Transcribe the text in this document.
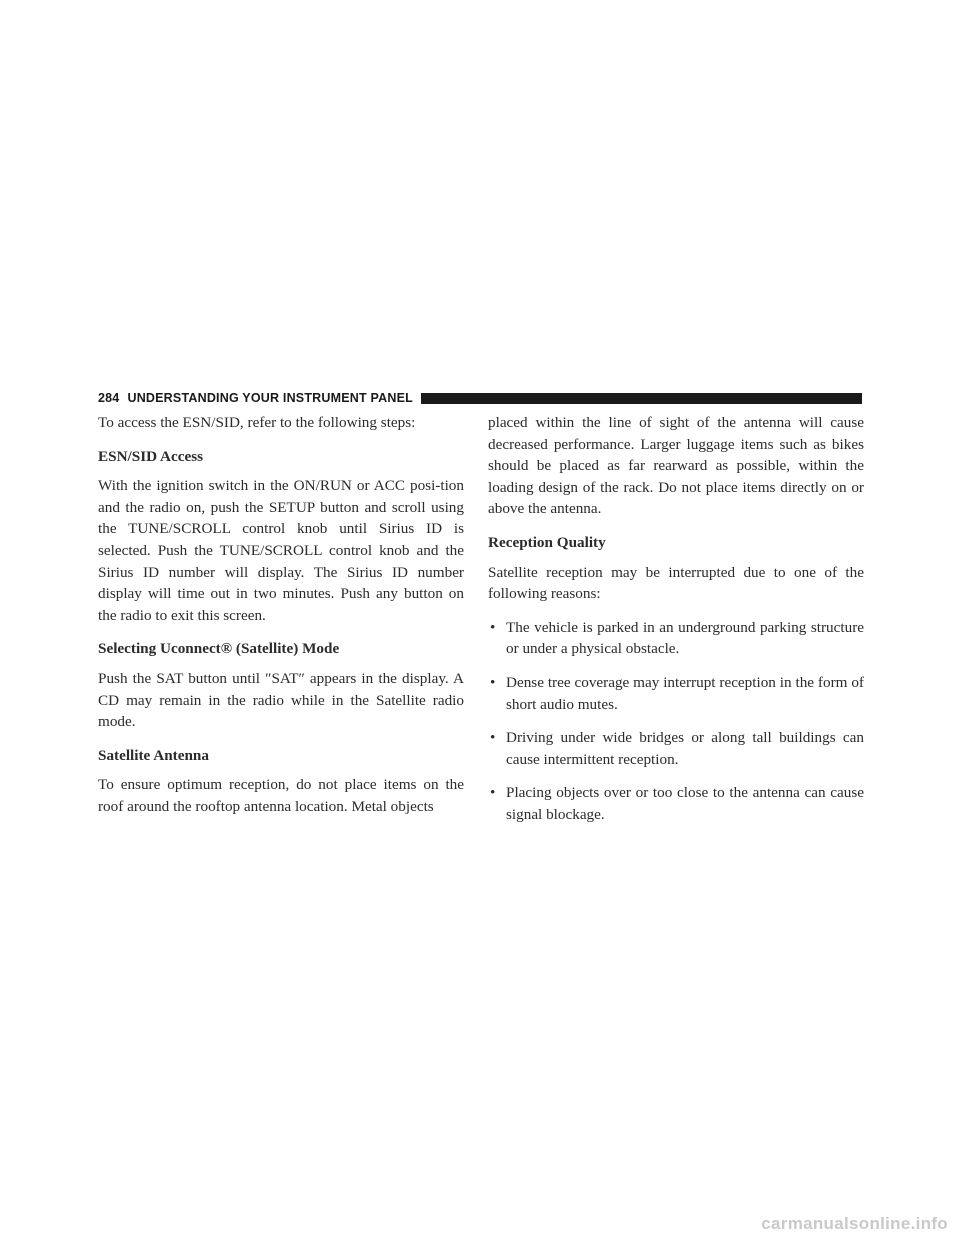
284 UNDERSTANDING YOUR INSTRUMENT PANEL

To access the ESN/SID, refer to the following steps:

ESN/SID Access

With the ignition switch in the ON/RUN or ACC posi-tion and the radio on, push the SETUP button and scroll using the TUNE/SCROLL control knob until Sirius ID is selected. Push the TUNE/SCROLL control knob and the Sirius ID number will display. The Sirius ID number display will time out in two minutes. Push any button on the radio to exit this screen.

Selecting Uconnect® (Satellite) Mode

Push the SAT button until ″SAT″ appears in the display. A CD may remain in the radio while in the Satellite radio mode.

Satellite Antenna

To ensure optimum reception, do not place items on the roof around the rooftop antenna location. Metal objects

placed within the line of sight of the antenna will cause decreased performance. Larger luggage items such as bikes should be placed as far rearward as possible, within the loading design of the rack. Do not place items directly on or above the antenna.

Reception Quality

Satellite reception may be interrupted due to one of the following reasons:

• The vehicle is parked in an underground parking structure or under a physical obstacle.
• Dense tree coverage may interrupt reception in the form of short audio mutes.
• Driving under wide bridges or along tall buildings can cause intermittent reception.
• Placing objects over or too close to the antenna can cause signal blockage.
carmanualsonline.info
